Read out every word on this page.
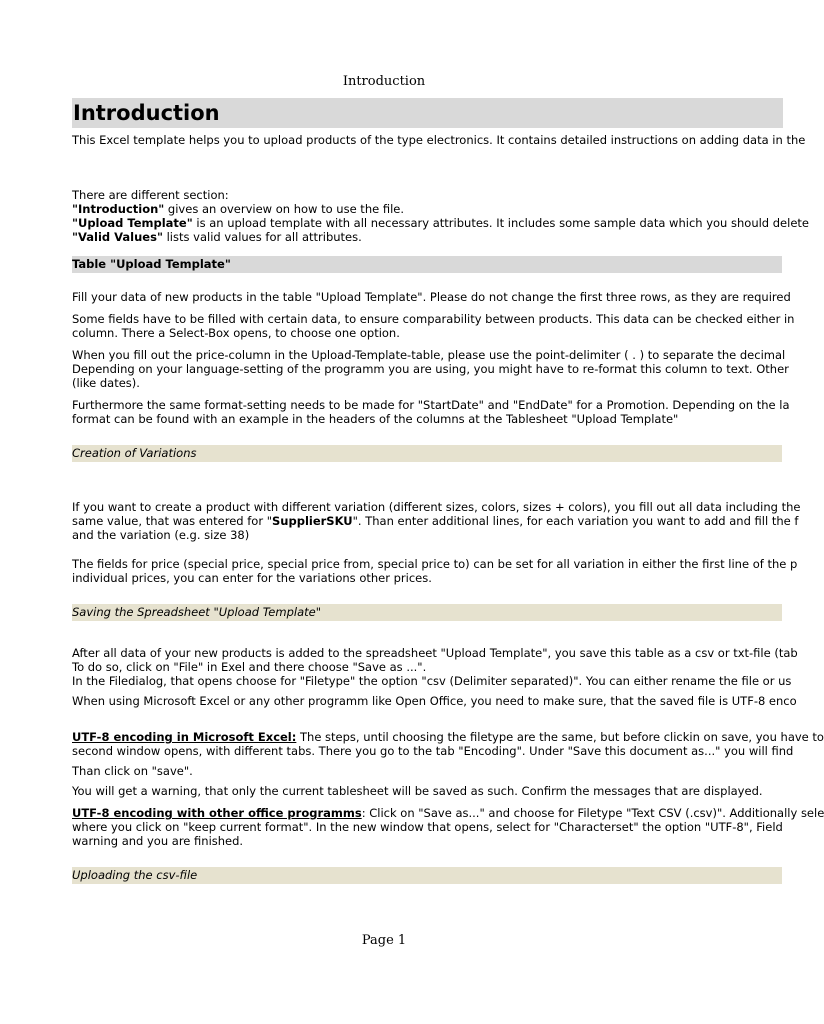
Introduction
Introduction
This Excel template helps you to upload products of the type electronics. It contains detailed instructions on adding data in the
There are different section:
"Introduction" gives an overview on how to use the file.
"Upload Template" is an upload template with all necessary attributes. It includes some sample data which you should delete
"Valid Values" lists valid values for all attributes.
Table "Upload Template"
Fill your data of new products in the table "Upload Template". Please do not change the first three rows, as they are required
Some fields have to be filled with certain data, to ensure comparability between products. This data can be checked either in
column. There a Select-Box opens, to choose one option.
When you fill out the price-column in the Upload-Template-table, please use the point-delimiter ( . ) to separate the decimal
Depending on your language-setting of the programm you are using, you might have to re-format this column to text. Other
(like dates).
Furthermore the same format-setting needs to be made for "StartDate" and "EndDate" for a Promotion. Depending on the la
format can be found with an example in the headers of the columns at the Tablesheet "Upload Template"
Creation of Variations
If you want to create a product with different variation (different sizes, colors, sizes + colors), you fill out all data including the
same value, that was entered for "SupplierSKU". Than enter additional lines, for each variation you want to add and fill the f
and the variation (e.g. size 38)
The fields for price (special price, special price from, special price to) can be set for all variation in either the first line of the p
individual prices, you can enter for the variations other prices.
Saving the Spreadsheet "Upload Template"
After all data of your new products is added to the spreadsheet "Upload Template", you save this table as a csv or txt-file (tab
To do so, click on "File" in Exel and there choose "Save as ...".
In the Filedialog, that opens choose for "Filetype" the option "csv (Delimiter separated)". You can either rename the file or us
When using Microsoft Excel or any other programm like Open Office, you need to make sure, that the saved file is UTF-8 enco
UTF-8 encoding in Microsoft Excel: The steps, until choosing the filetype are the same, but before clickin on save, you have to
second window opens, with different tabs. There you go to the tab "Encoding". Under "Save this document as..." you will find
Than click on "save".
You will get a warning, that only the current tablesheet will be saved as such. Confirm the messages that are displayed.
UTF-8 encoding with other office programms: Click on "Save as..." and choose for Filetype "Text CSV (.csv)". Additionally sele
where you click on "keep current format". In the new window that opens, select for "Characterset" the option "UTF-8", Field
warning and you are finished.
Uploading the csv-file
Page 1
